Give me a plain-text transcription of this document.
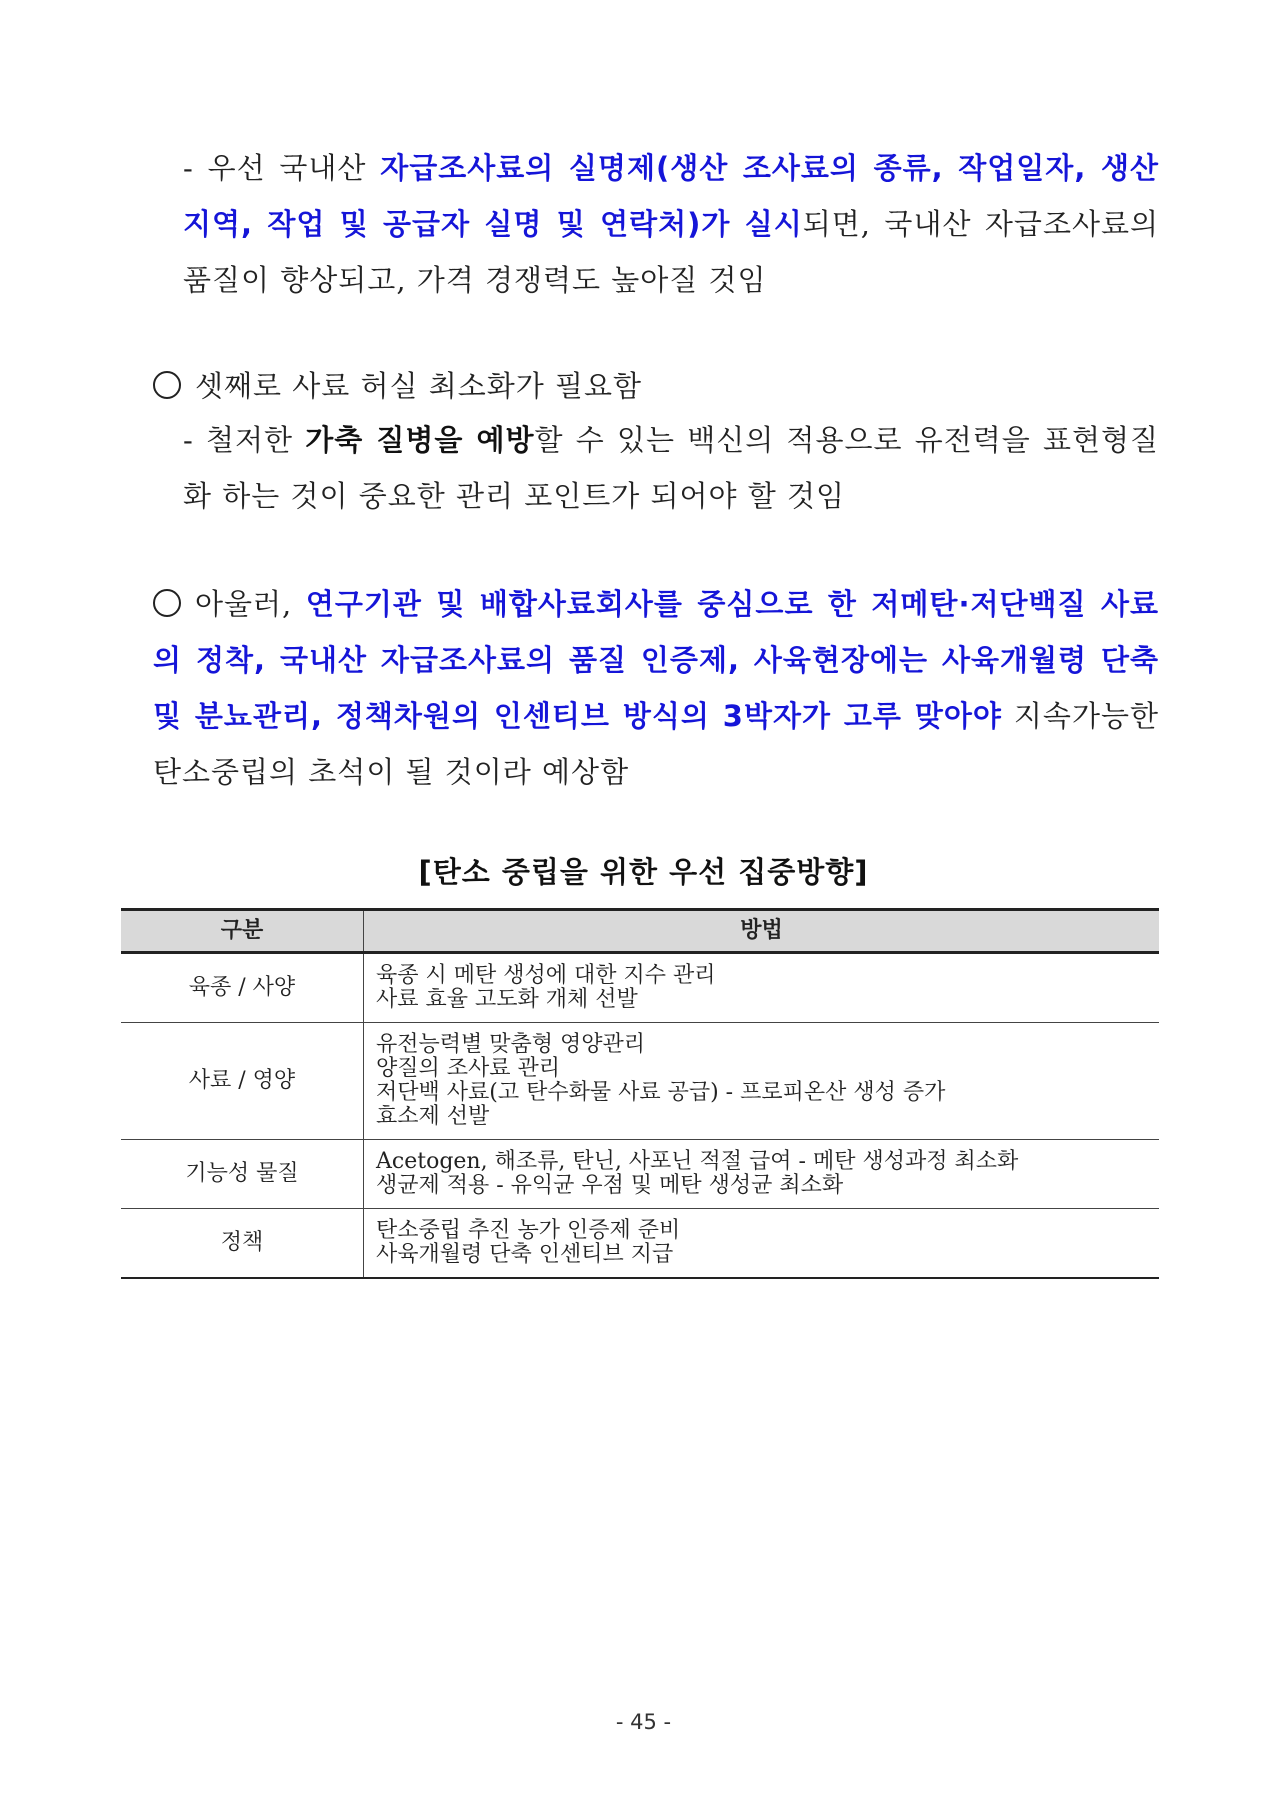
- 우선 국내산 자급조사료의 실명제(생산 조사료의 종류, 작업일자, 생산지역, 작업 및 공급자 실명 및 연락처)가 실시되면, 국내산 자급조사료의 품질이 향상되고, 가격 경쟁력도 높아질 것임
셋째로 사료 허실 최소화가 필요함
- 철저한 가축 질병을 예방할 수 있는 백신의 적용으로 유전력을 표현형질화 하는 것이 중요한 관리 포인트가 되어야 할 것임
아울러, 연구기관 및 배합사료회사를 중심으로 한 저메탄·저단백질 사료의 정착, 국내산 자급조사료의 품질 인증제, 사육현장에는 사육개월령 단축 및 분뇨관리, 정책차원의 인센티브 방식의 3박자가 고루 맞아야 지속가능한 탄소중립의 초석이 될 것이라 예상함
[탄소 중립을 위한 우선 집중방향]
구분	방법
육종 / 사양	육종 시 메탄 생성에 대한 지수 관리
사료 효율 고도화 개체 선발

사료 / 영양	유전능력별 맞춤형 영양관리
양질의 조사료 관리
저단백 사료(고 탄수화물 사료 공급) - 프로피온산 생성 증가
효소제 선발

기능성 물질	Acetogen, 해조류, 탄닌, 사포닌 적절 급여 - 메탄 생성과정 최소화
생균제 적용 - 유익균 우점 및 메탄 생성균 최소화

정책	탄소중립 추진 농가 인증제 준비
사육개월령 단축 인센티브 지급
- 45 -
